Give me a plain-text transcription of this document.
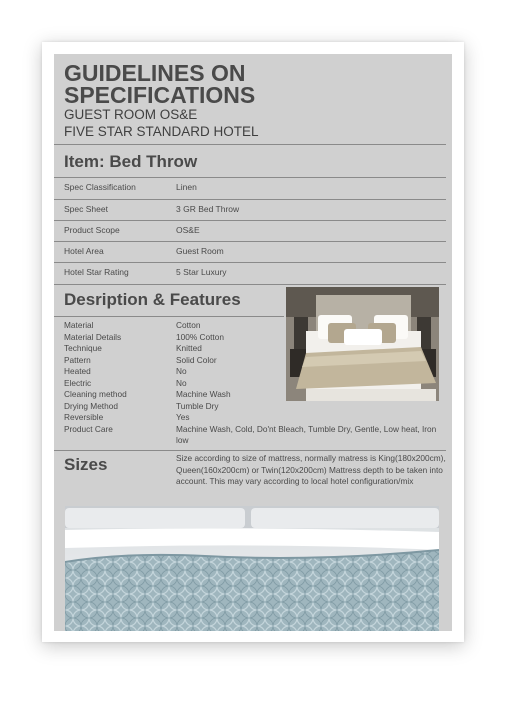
GUIDELINES ON
SPECIFICATIONS
GUEST ROOM OS&E
FIVE STAR STANDARD HOTEL
Item: Bed Throw
Spec Classification	Linen
Spec Sheet	3 GR Bed Throw
Product Scope	OS&E
Hotel Area	Guest Room
Hotel Star Rating	5 Star Luxury
Desription & Features
Material	Cotton
Material Details	100% Cotton
Technique	Knitted
Pattern	Solid Color
Heated	No
Electric	No
Cleaning method	Machine Wash
Drying Method	Tumble Dry
Reversible	Yes
Product Care	Machine Wash, Cold, Do'nt Bleach, Tumble Dry, Gentle, Low heat, Iron low
Sizes	Size according to size of mattress, normally matress is King(180x200cm), Queen(160x200cm) or Twin(120x200cm) Mattress depth to be taken into account. This may vary according to local hotel configuration/mix
